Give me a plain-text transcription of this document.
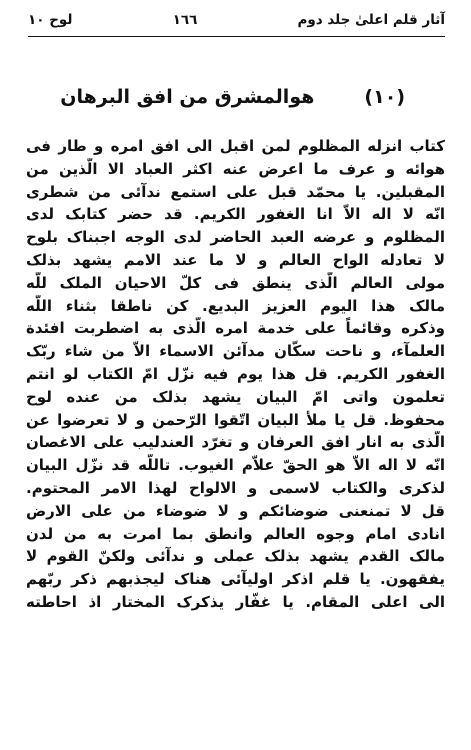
آثار قلم اعلیٰ جلد دوم
١٦٦
لوح ١٠
(١٠)
هوالمشرق من افق البرهان
کتاب انزله المظلوم لمن اقبل الی افق امره و طار فی
هوائه و عرف ما اعرض عنه اکثر العباد الا الّذین من
المقبلین. یا محمّد قبل علی استمع ندآئی من شطری
انّه لا اله الاّ انا الغفور الکریم. قد حضر کتابک لدی
المظلوم و عرضه العبد الحاضر لدی الوجه اجبناک بلوح
لا تعادله الواح العالم و لا ما عند الامم یشهد بذلک
مولی العالم الّذی ینطق فی کلّ الاحیان الملک للّه
مالک هذا الیوم العزیز البدیع. کن ناطقا بثناء اللّه
وذکره وقائماً علی خدمة امره الّذی به اضطربت افئدة
العلمآء، و ناحت سکّان مدآئن الاسماء الاّ من شاء ربّک
الغفور الکریم. قل هذا یوم فیه نزّل امّ الکتاب لو انتم
تعلمون واتی امّ البیان یشهد بذلک من عنده لوح
محفوظ. قل یا ملأ البیان اتّقوا الرّحمن و لا تعرضوا عن
الّذی به انار افق العرفان و تغرّد العندلیب علی الاغصان
انّه لا اله الاّ هو الحقّ علاّم الغیوب. تاللّه قد نزّل البیان
لذکری والکتاب لاسمی و الالواح لهذا الامر المحتوم.
قل لا تمنعنی ضوضائکم و لا ضوضاء من علی الارض
انادی امام وجوه العالم وانطق بما امرت به من لدن
مالک القدم یشهد بذلک عملی و ندآئی ولکنّ القوم لا
یفقهون. یا قلم اذکر اولیآئی هناک لیجذبهم ذکر ربّهم
الی اعلی المقام. یا غفّار یذکرک المختار اذ احاطته
